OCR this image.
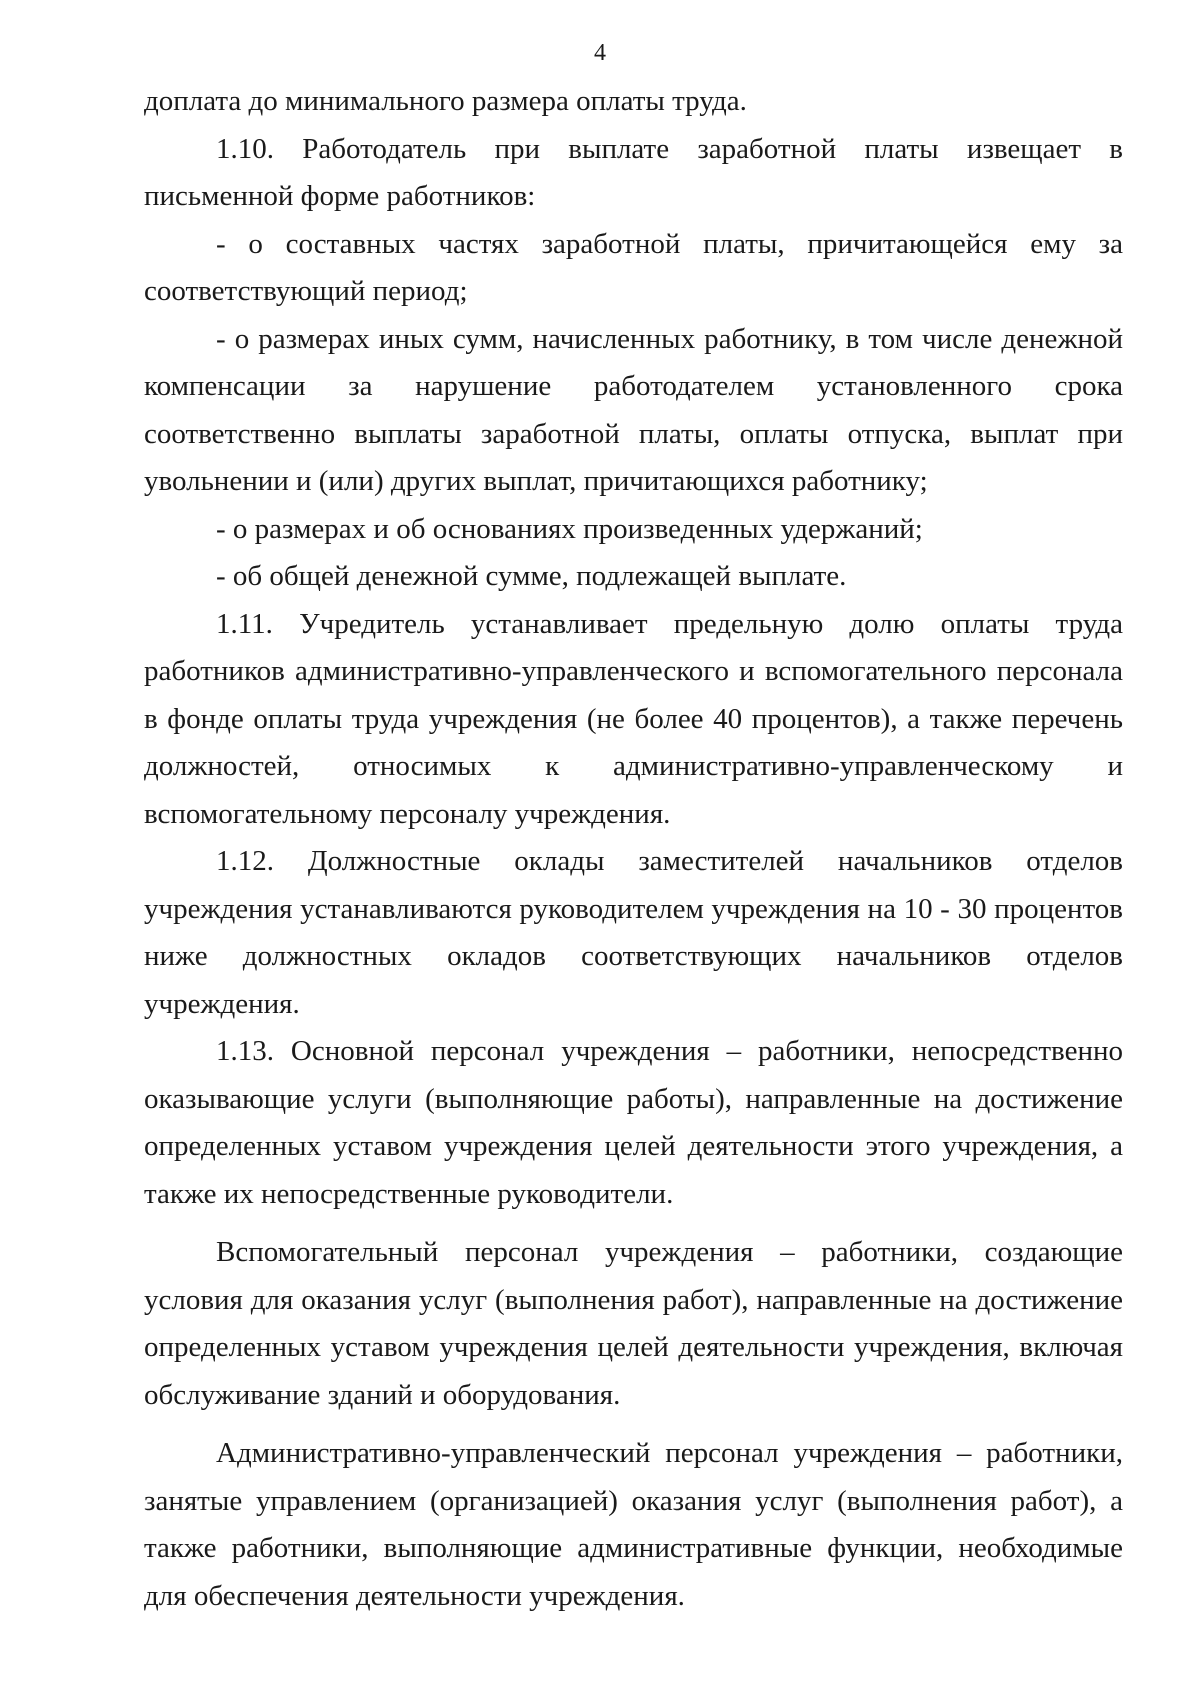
4

доплата до минимального размера оплаты труда.

1.10. Работодатель при выплате заработной платы извещает в письменной форме работников:

- о составных частях заработной платы, причитающейся ему за соответствующий период;

- о размерах иных сумм, начисленных работнику, в том числе денежной компенсации за нарушение работодателем установленного срока соответственно выплаты заработной платы, оплаты отпуска, выплат при увольнении и (или) других выплат, причитающихся работнику;

- о размерах и об основаниях произведенных удержаний;

- об общей денежной сумме, подлежащей выплате.

1.11. Учредитель устанавливает предельную долю оплаты труда работников административно-управленческого и вспомогательного персонала в фонде оплаты труда учреждения (не более 40 процентов), а также перечень должностей, относимых к административно-управленческому и вспомогательному персоналу учреждения.

1.12. Должностные оклады заместителей начальников отделов учреждения устанавливаются руководителем учреждения на 10 - 30 процентов ниже должностных окладов соответствующих начальников отделов учреждения.

1.13. Основной персонал учреждения – работники, непосредственно оказывающие услуги (выполняющие работы), направленные на достижение определенных уставом учреждения целей деятельности этого учреждения, а также их непосредственные руководители.

Вспомогательный персонал учреждения – работники, создающие условия для оказания услуг (выполнения работ), направленные на достижение определенных уставом учреждения целей деятельности учреждения, включая обслуживание зданий и оборудования.

Административно-управленческий персонал учреждения – работники, занятые управлением (организацией) оказания услуг (выполнения работ), а также работники, выполняющие административные функции, необходимые для обеспечения деятельности учреждения.
